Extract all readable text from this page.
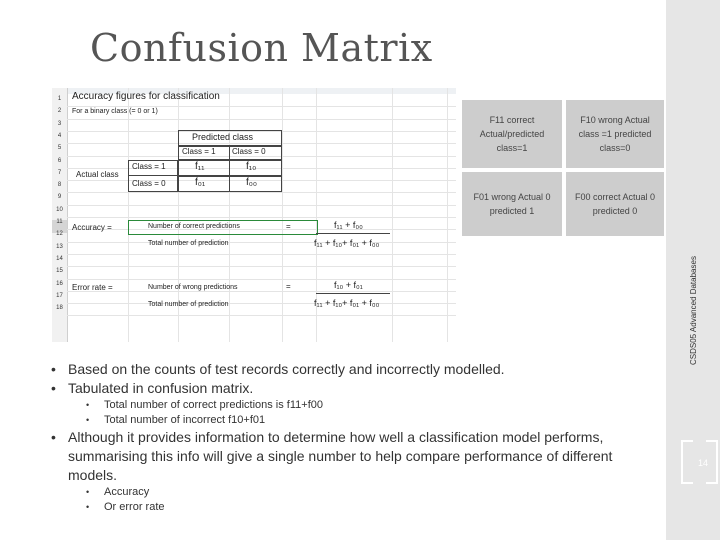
CSDS05 Advanced Databases
14
Confusion Matrix
1
2
3
4
5
6
7
8
9
10
11
12
13
14
15
16
17
18
Accuracy figures for classification
For a binary class (= 0 or 1)
Predicted class
Class = 1 Class = 0
Actual class
Class = 1
Class = 0
f₁₁	f₁₀
f₀₁	f₀₀
Accuracy =	Number of correct predictions	=	f₁₁ + f₀₀
Total number of prediction	f₁₁ + f₁₀+ f₀₁ + f₀₀
Error rate =	Number of wrong predictions	=	f₁₀ + f₀₁
Total number of prediction	f₁₁ + f₁₀+ f₀₁ + f₀₀
F11 correct Actual/predicted class=1
F10 wrong Actual class =1 predicted class=0
F01 wrong Actual 0 predicted 1
F00 correct Actual 0 predicted 0
• Based on the counts of test records correctly and incorrectly modelled.
• Tabulated in confusion matrix.
• Total number of correct predictions is f11+f00
• Total number of incorrect f10+f01
• Although it provides information to determine how well a classification model performs, summarising this info will give a single number to help compare performance of different models.
• Accuracy
• Or error rate
